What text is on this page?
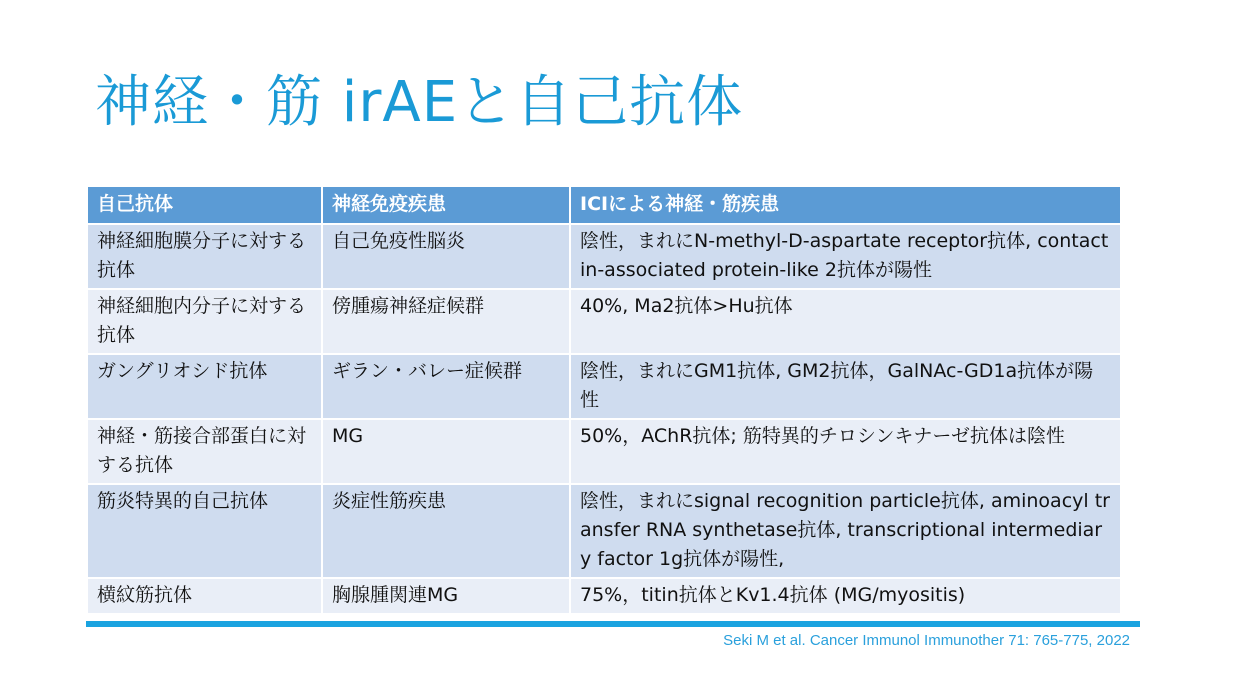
神経・筋 irAEと自己抗体
自己抗体	神経免疫疾患	ICIによる神経・筋疾患
神経細胞膜分子に対する抗体	自己免疫性脳炎	陰性，まれにN-methyl-D-aspartate receptor抗体, contactin-associated protein-like 2抗体が陽性
神経細胞内分子に対する抗体	傍腫瘍神経症候群	40%, Ma2抗体>Hu抗体
ガングリオシド抗体	ギラン・バレー症候群	陰性，まれにGM1抗体, GM2抗体，GalNAc-GD1a抗体が陽性
神経・筋接合部蛋白に対する抗体	MG	50%，AChR抗体; 筋特異的チロシンキナーゼ抗体は陰性
筋炎特異的自己抗体	炎症性筋疾患	陰性，まれにsignal recognition particle抗体, aminoacyl transfer RNA synthetase抗体, transcriptional intermediary factor 1g抗体が陽性,
横紋筋抗体	胸腺腫関連MG	75%，titin抗体とKv1.4抗体 (MG/myositis)
Seki M et al. Cancer Immunol Immunother 71: 765-775, 2022
